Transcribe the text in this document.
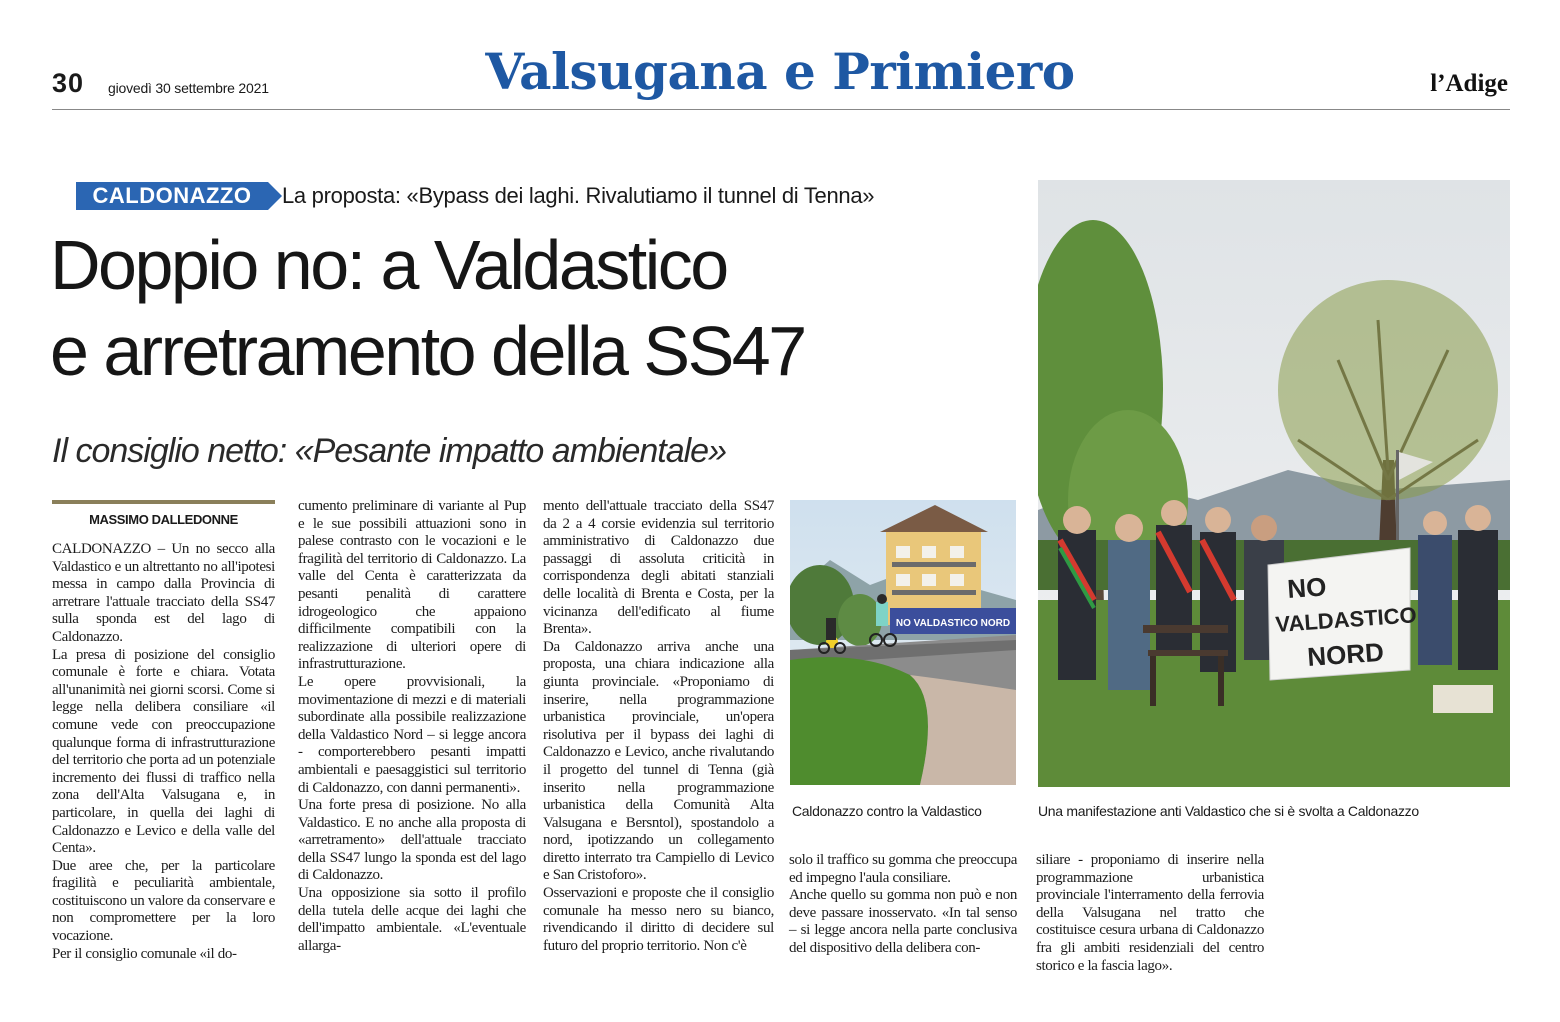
30 giovedì 30 settembre 2021	Valsugana e Primiero	l’Adige
CALDONAZZO	La proposta: «Bypass dei laghi. Rivalutiamo il tunnel di Tenna»
Doppio no: a Valdastico
e arretramento della SS47
Il consiglio netto: «Pesante impatto ambientale»
MASSIMO DALLEDONNE

CALDONAZZO – Un no secco alla Valdastico e un altrettanto no all'ipotesi messa in campo dalla Provincia di arretrare l'attuale tracciato della SS47 sulla sponda est del lago di Caldonazzo.

La presa di posizione del consiglio comunale è forte e chiara. Votata all'unanimità nei giorni scorsi. Come si legge nella delibera consiliare «il comune vede con preoccupazione qualunque forma di infrastrutturazione del territorio che porta ad un potenziale incremento dei flussi di traffico nella zona dell'Alta Valsugana e, in particolare, in quella dei laghi di Caldonazzo e Levico e della valle del Centa».

Due aree che, per la particolare fragilità e peculiarità ambientale, costituiscono un valore da conservare e non compromettere per la loro vocazione.

Per il consiglio comunale «il do-

cumento preliminare di variante al Pup e le sue possibili attuazioni sono in palese contrasto con le vocazioni e le fragilità del territorio di Caldonazzo. La valle del Centa è caratterizzata da pesanti penalità di carattere idrogeologico che appaiono difficilmente compatibili con la realizzazione di ulteriori opere di infrastrutturazione.

Le opere provvisionali, la movimentazione di mezzi e di materiali subordinate alla possibile realizzazione della Valdastico Nord – si legge ancora - comporterebbero pesanti impatti ambientali e paesaggistici sul territorio di Caldonazzo, con danni permanenti».

Una forte presa di posizione. No alla Valdastico. E no anche alla proposta di «arretramento» dell'attuale tracciato della SS47 lungo la sponda est del lago di Caldonazzo.

Una opposizione sia sotto il profilo della tutela delle acque dei laghi che dell'impatto ambientale. «L'eventuale allarga-

mento dell'attuale tracciato della SS47 da 2 a 4 corsie evidenzia sul territorio amministrativo di Caldonazzo due passaggi di assoluta criticità in corrispondenza degli abitati stanziali delle località di Brenta e Costa, per la vicinanza dell'edificato al fiume Brenta».

Da Caldonazzo arriva anche una proposta, una chiara indicazione alla giunta provinciale. «Proponiamo di inserire, nella programmazione urbanistica provinciale, un'opera risolutiva per il bypass dei laghi di Caldonazzo e Levico, anche rivalutando il progetto del tunnel di Tenna (già inserito nella programmazione urbanistica della Comunità Alta Valsugana e Bersntol), spostandolo a nord, ipotizzando un collegamento diretto interrato tra Campiello di Levico e San Cristoforo».

Osservazioni e proposte che il consiglio comunale ha messo nero su bianco, rivendicando il diritto di decidere sul futuro del proprio territorio. Non c'è

solo il traffico su gomma che preoccupa ed impegno l'aula consiliare.

Anche quello su gomma non può e non deve passare inosservato. «In tal senso – si legge ancora nella parte conclusiva del dispositivo della delibera con-

siliare - proponiamo di inserire nella programmazione urbanistica provinciale l'interramento della ferrovia della Valsugana nel tratto che costituisce cesura urbana di Caldonazzo fra gli ambiti residenziali del centro storico e la fascia lago».

NO VALDASTICO NORD
Caldonazzo contro la Valdastico
NO
VALDASTICO
NORD
Una manifestazione anti Valdastico che si è svolta a Caldonazzo
